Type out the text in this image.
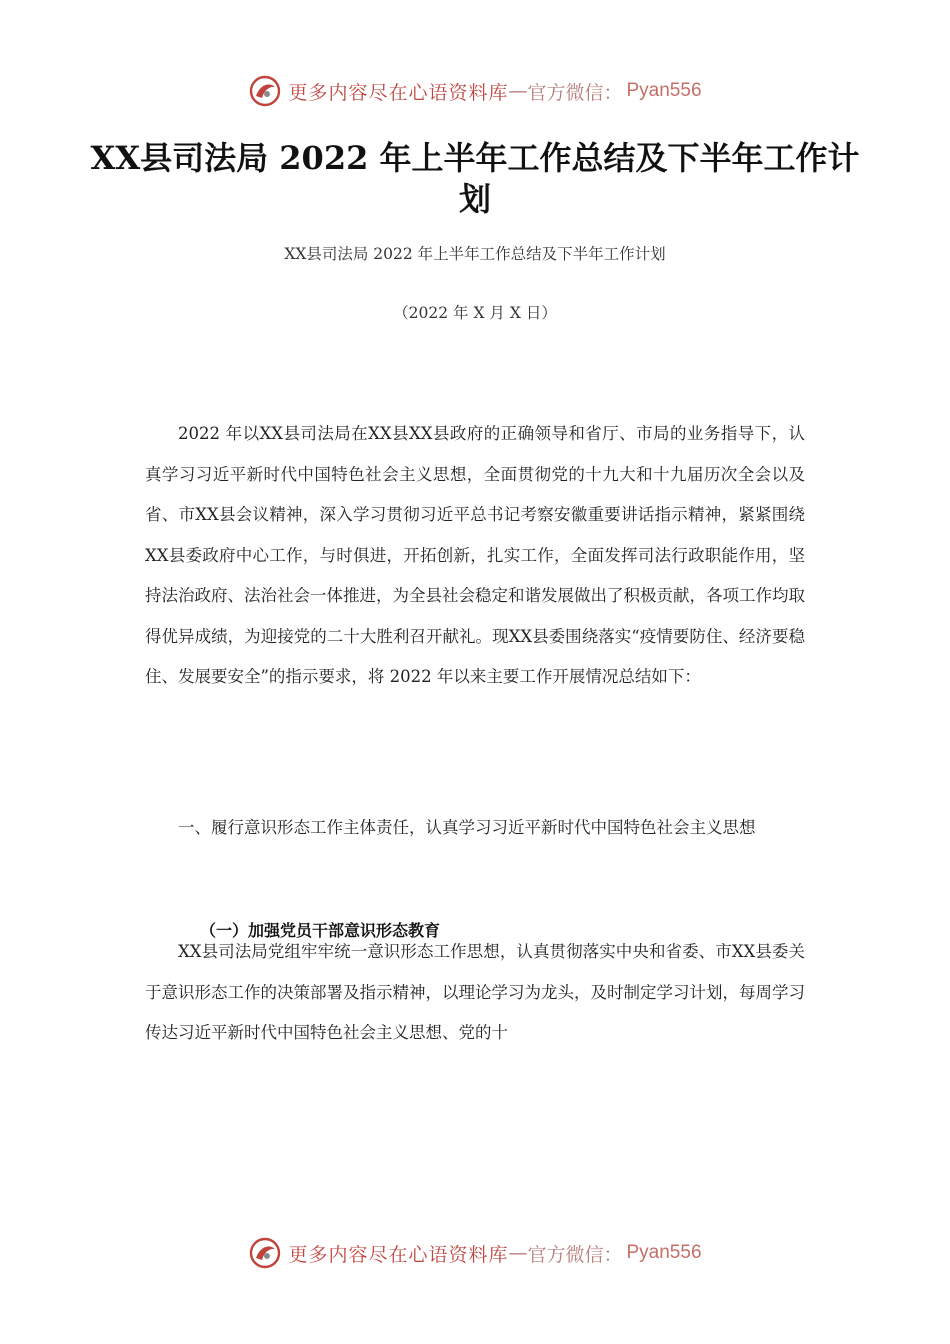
更多内容尽在心语资料库 — 官方微信： Pyan556
XX县司法局 2022 年上半年工作总结及下半年工作计划
XX县司法局 2022 年上半年工作总结及下半年工作计划
（2022 年 X 月 X 日）
2022 年以XX县司法局在XX县XX县政府的正确领导和省厅、市局的业务指导下，认真学习习近平新时代中国特色社会主义思想，全面贯彻党的十九大和十九届历次全会以及省、市XX县会议精神，深入学习贯彻习近平总书记考察安徽重要讲话指示精神，紧紧围绕XX县委政府中心工作，与时俱进，开拓创新，扎实工作，全面发挥司法行政职能作用，坚持法治政府、法治社会一体推进，为全县社会稳定和谐发展做出了积极贡献，各项工作均取得优异成绩，为迎接党的二十大胜利召开献礼。现XX县委围绕落实“疫情要防住、经济要稳住、发展要安全”的指示要求，将 2022 年以来主要工作开展情况总结如下：
一、履行意识形态工作主体责任，认真学习习近平新时代中国特色社会主义思想
（一）加强党员干部意识形态教育
XX县司法局党组牢牢统一意识形态工作思想，认真贯彻落实中央和省委、市XX县委关于意识形态工作的决策部署及指示精神，以理论学习为龙头，及时制定学习计划，每周学习传达习近平新时代中国特色社会主义思想、党的十
更多内容尽在心语资料库 — 官方微信： Pyan556
